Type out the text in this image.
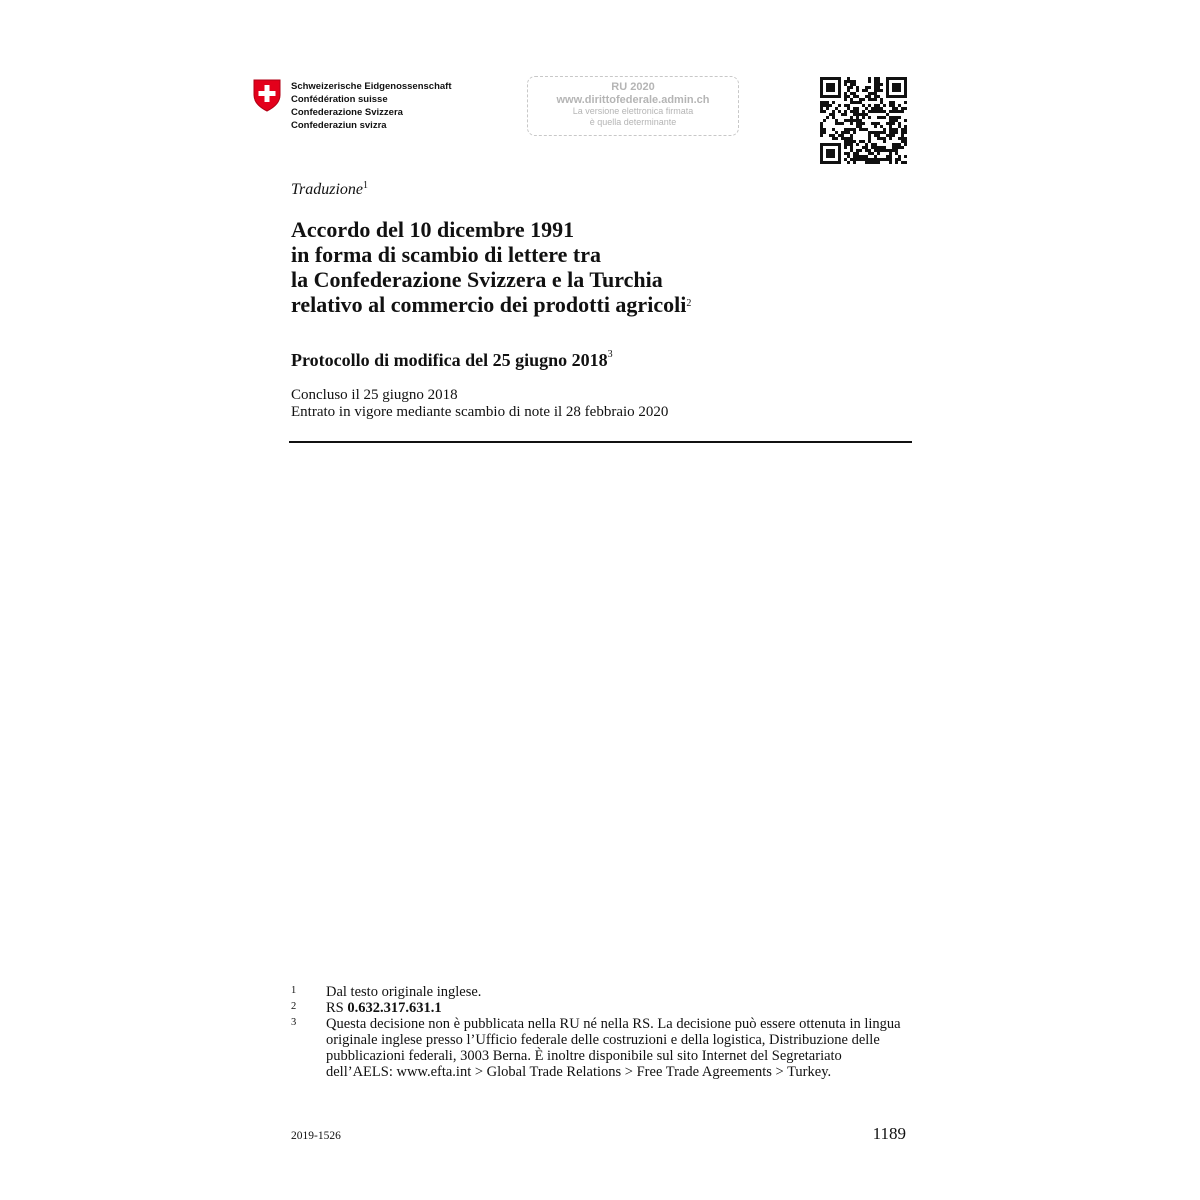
Schweizerische Eidgenossenschaft
Confédération suisse
Confederazione Svizzera
Confederaziun svizra
RU 2020
www.dirittofederale.admin.ch
La versione elettronica firmata
è quella determinante
Traduzione$^1$
Accordo del 10 dicembre 1991
in forma di scambio di lettere tra
la Confederazione Svizzera e la Turchia
relativo al commercio dei prodotti agricoli$^2$
Protocollo di modifica del 25 giugno 2018$^3$
Concluso il 25 giugno 2018
Entrato in vigore mediante scambio di note il 28 febbraio 2020
1 Dal testo originale inglese.
2 RS 0.632.317.631.1
3 Questa decisione non è pubblicata nella RU né nella RS. La decisione può essere ottenuta in lingua originale inglese presso l’Ufficio federale delle costruzioni e della logistica, Distribuzione delle pubblicazioni federali, 3003 Berna. È inoltre disponibile sul sito Internet del Segretariato dell’AELS: www.efta.int > Global Trade Relations > Free Trade Agreements > Turkey.
2019-1526	1189
